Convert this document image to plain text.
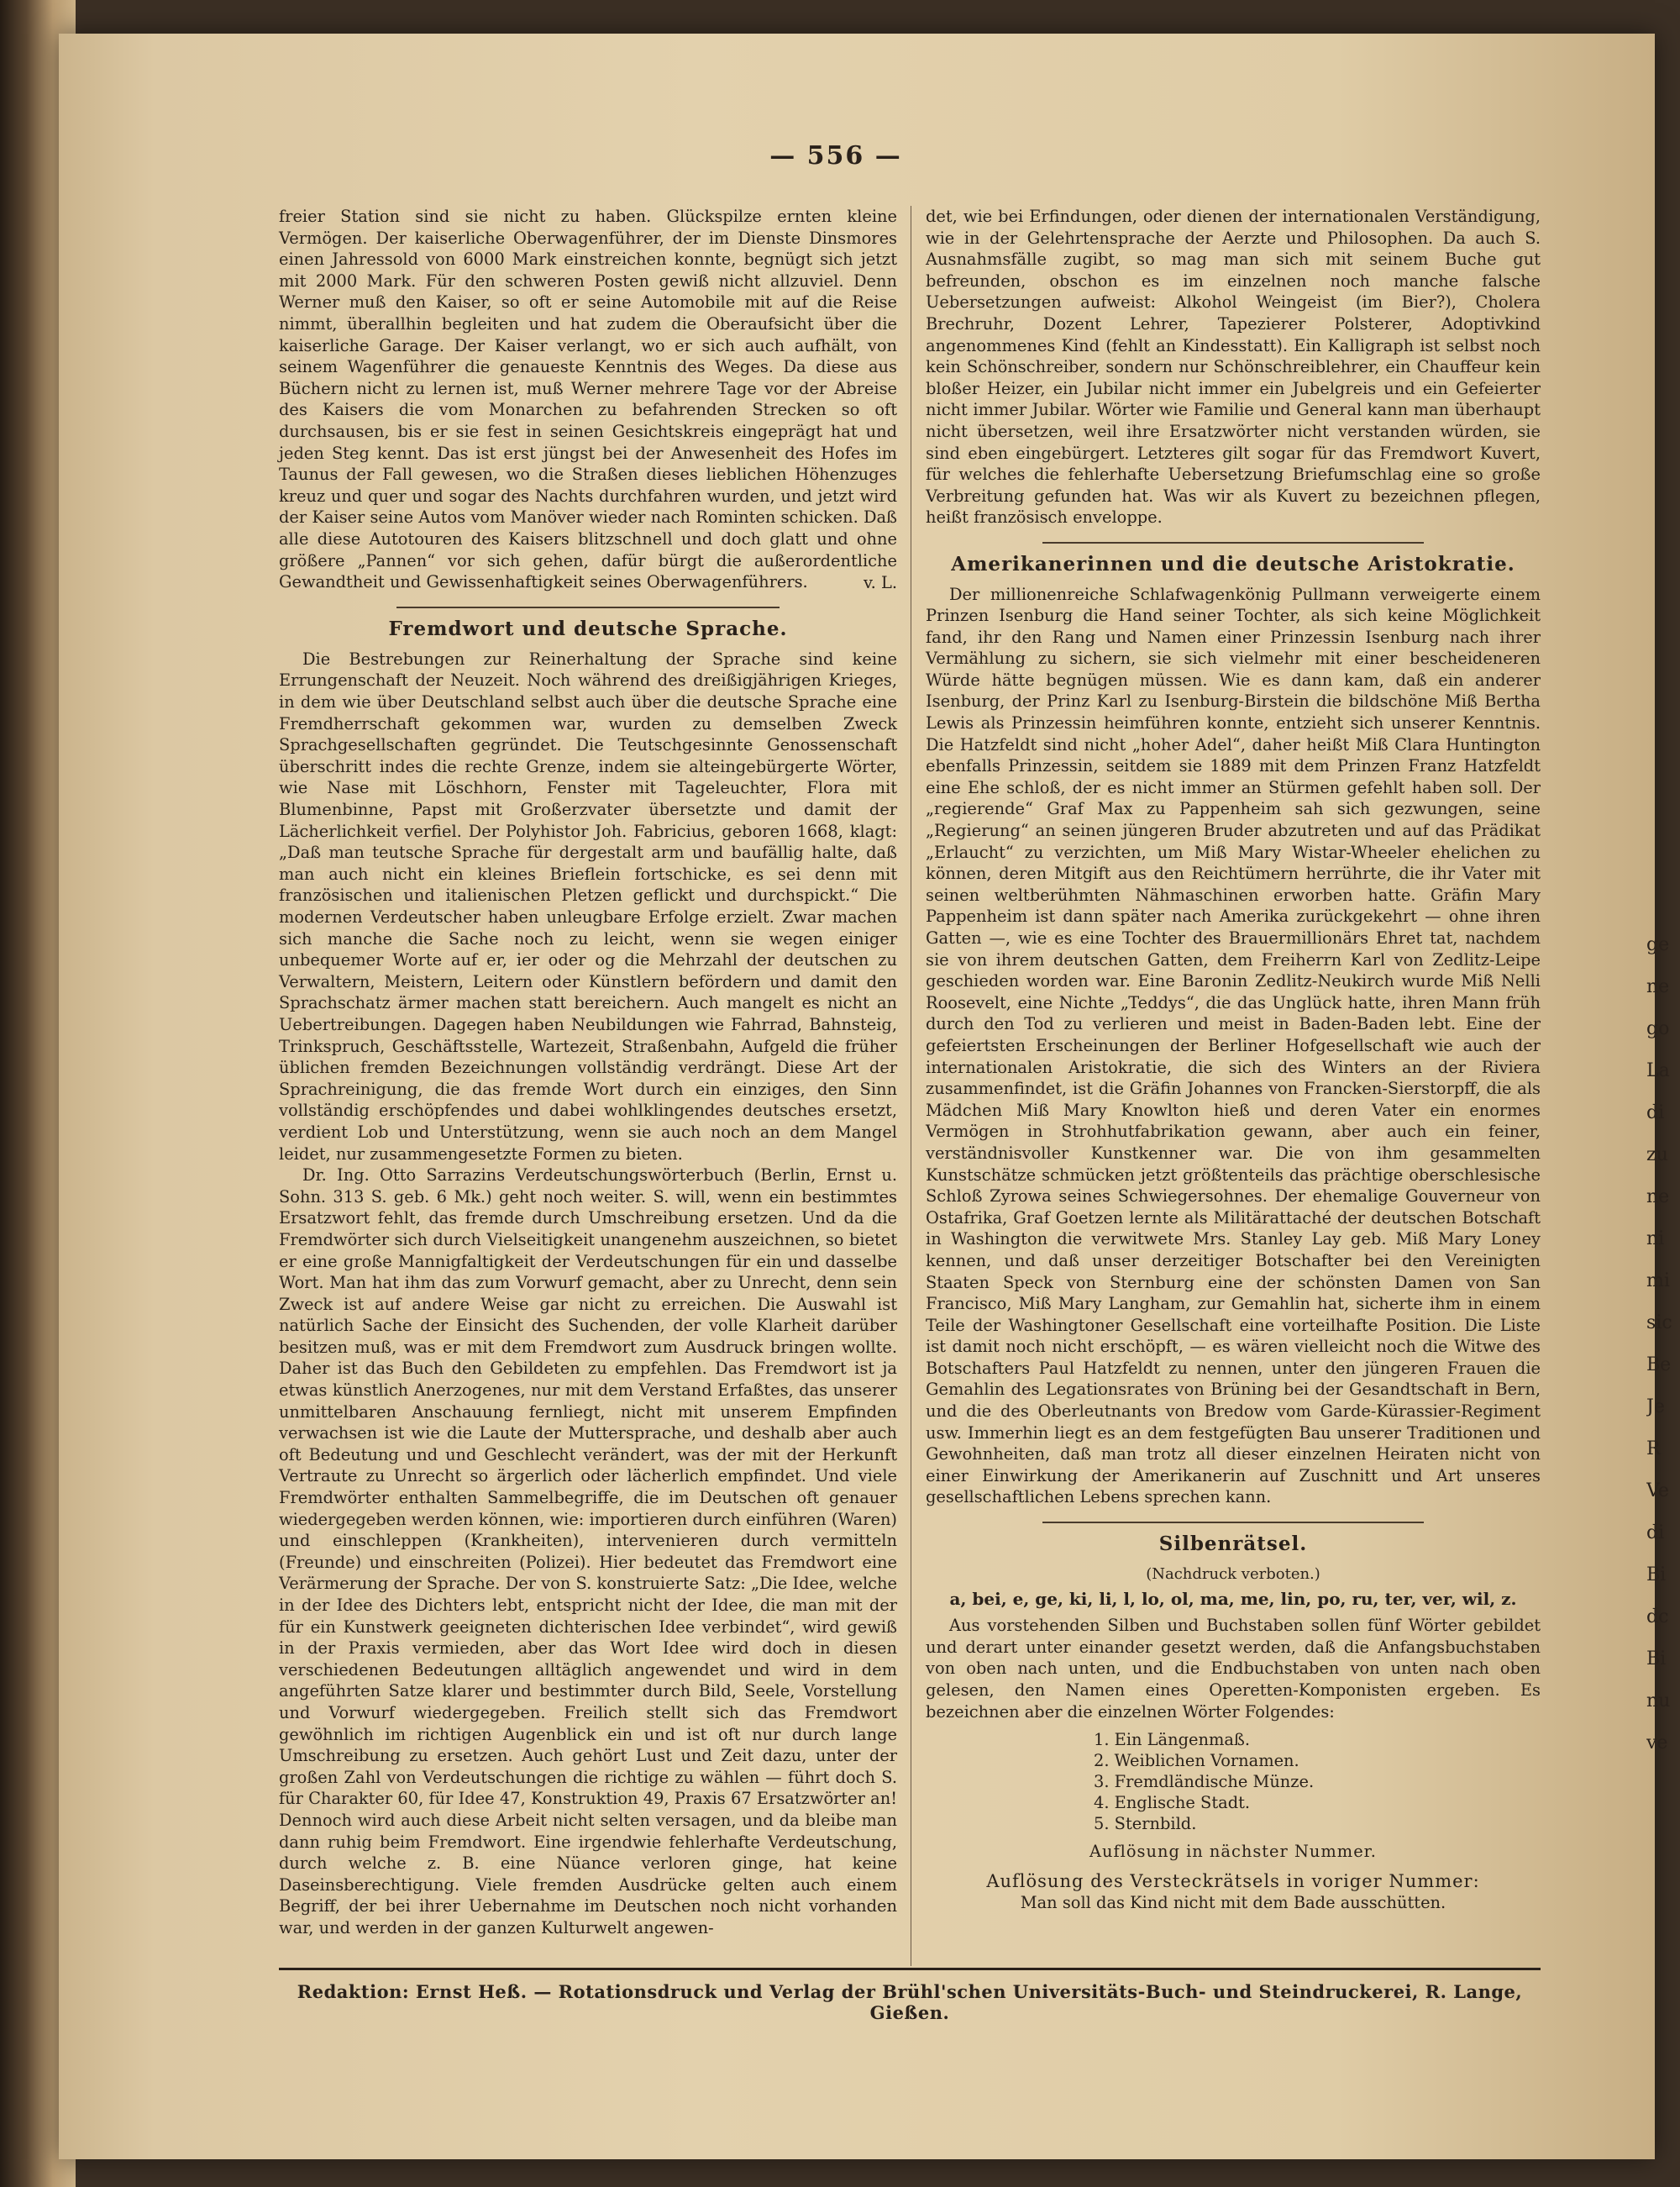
— 556 —

freier Station sind sie nicht zu haben. Glückspilze ernten kleine Vermögen. Der kaiserliche Oberwagenführer, der im Dienste Dinsmores einen Jahressold von 6000 Mark einstreichen konnte, begnügt sich jetzt mit 2000 Mark. Für den schweren Posten gewiß nicht allzuviel. Denn Werner muß den Kaiser, so oft er seine Automobile mit auf die Reise nimmt, überallhin begleiten und hat zudem die Oberaufsicht über die kaiserliche Garage. Der Kaiser verlangt, wo er sich auch aufhält, von seinem Wagenführer die genaueste Kenntnis des Weges. Da diese aus Büchern nicht zu lernen ist, muß Werner mehrere Tage vor der Abreise des Kaisers die vom Monarchen zu befahrenden Strecken so oft durchsausen, bis er sie fest in seinen Gesichtskreis eingeprägt hat und jeden Steg kennt. Das ist erst jüngst bei der Anwesenheit des Hofes im Taunus der Fall gewesen, wo die Straßen dieses lieblichen Höhenzuges kreuz und quer und sogar des Nachts durchfahren wurden, und jetzt wird der Kaiser seine Autos vom Manöver wieder nach Rominten schicken. Daß alle diese Autotouren des Kaisers blitzschnell und doch glatt und ohne größere „Pannen“ vor sich gehen, dafür bürgt die außerordentliche Gewandtheit und Gewissenhaftigkeit seines Oberwagenführers.	v. L.
Fremdwort und deutsche Sprache.

Die Bestrebungen zur Reinerhaltung der Sprache sind keine Errungenschaft der Neuzeit. Noch während des dreißigjährigen Krieges, in dem wie über Deutschland selbst auch über die deutsche Sprache eine Fremdherrschaft gekommen war, wurden zu demselben Zweck Sprachgesellschaften gegründet. Die Teutschgesinnte Genossenschaft überschritt indes die rechte Grenze, indem sie alteingebürgerte Wörter, wie Nase mit Löschhorn, Fenster mit Tageleuchter, Flora mit Blumenbinne, Papst mit Großerzvater übersetzte und damit der Lächerlichkeit verfiel. Der Polyhistor Joh. Fabricius, geboren 1668, klagt: „Daß man teutsche Sprache für dergestalt arm und baufällig halte, daß man auch nicht ein kleines Brieflein fortschicke, es sei denn mit französischen und italienischen Pletzen geflickt und durchspickt.“ Die modernen Verdeutscher haben unleugbare Erfolge erzielt. Zwar machen sich manche die Sache noch zu leicht, wenn sie wegen einiger unbequemer Worte auf er, ier oder og die Mehrzahl der deutschen zu Verwaltern, Meistern, Leitern oder Künstlern befördern und damit den Sprachschatz ärmer machen statt bereichern. Auch mangelt es nicht an Uebertreibungen. Dagegen haben Neubildungen wie Fahrrad, Bahnsteig, Trinkspruch, Geschäftsstelle, Wartezeit, Straßenbahn, Aufgeld die früher üblichen fremden Bezeichnungen vollständig verdrängt. Diese Art der Sprachreinigung, die das fremde Wort durch ein einziges, den Sinn vollständig erschöpfendes und dabei wohlklingendes deutsches ersetzt, verdient Lob und Unterstützung, wenn sie auch noch an dem Mangel leidet, nur zusammengesetzte Formen zu bieten.

Dr. Ing. Otto Sarrazins Verdeutschungswörterbuch (Berlin, Ernst u. Sohn. 313 S. geb. 6 Mk.) geht noch weiter. S. will, wenn ein bestimmtes Ersatzwort fehlt, das fremde durch Umschreibung ersetzen. Und da die Fremdwörter sich durch Vielseitigkeit unangenehm auszeichnen, so bietet er eine große Mannigfaltigkeit der Verdeutschungen für ein und dasselbe Wort. Man hat ihm das zum Vorwurf gemacht, aber zu Unrecht, denn sein Zweck ist auf andere Weise gar nicht zu erreichen. Die Auswahl ist natürlich Sache der Einsicht des Suchenden, der volle Klarheit darüber besitzen muß, was er mit dem Fremdwort zum Ausdruck bringen wollte. Daher ist das Buch den Gebildeten zu empfehlen. Das Fremdwort ist ja etwas künstlich Anerzogenes, nur mit dem Verstand Erfaßtes, das unserer unmittelbaren Anschauung fernliegt, nicht mit unserem Empfinden verwachsen ist wie die Laute der Muttersprache, und deshalb aber auch oft Bedeutung und und Geschlecht verändert, was der mit der Herkunft Vertraute zu Unrecht so ärgerlich oder lächerlich empfindet. Und viele Fremdwörter enthalten Sammelbegriffe, die im Deutschen oft genauer wiedergegeben werden können, wie: importieren durch einführen (Waren) und einschleppen (Krankheiten), intervenieren durch vermitteln (Freunde) und einschreiten (Polizei). Hier bedeutet das Fremdwort eine Verärmerung der Sprache. Der von S. konstruierte Satz: „Die Idee, welche in der Idee des Dichters lebt, entspricht nicht der Idee, die man mit der für ein Kunstwerk geeigneten dichterischen Idee verbindet“, wird gewiß in der Praxis vermieden, aber das Wort Idee wird doch in diesen verschiedenen Bedeutungen alltäglich angewendet und wird in dem angeführten Satze klarer und bestimmter durch Bild, Seele, Vorstellung und Vorwurf wiedergegeben. Freilich stellt sich das Fremdwort gewöhnlich im richtigen Augenblick ein und ist oft nur durch lange Umschreibung zu ersetzen. Auch gehört Lust und Zeit dazu, unter der großen Zahl von Verdeutschungen die richtige zu wählen — führt doch S. für Charakter 60, für Idee 47, Konstruktion 49, Praxis 67 Ersatzwörter an! Dennoch wird auch diese Arbeit nicht selten versagen, und da bleibe man dann ruhig beim Fremdwort. Eine irgendwie fehlerhafte Verdeutschung, durch welche z. B. eine Nüance verloren ginge, hat keine Daseinsberechtigung. Viele fremden Ausdrücke gelten auch einem Begriff, der bei ihrer Uebernahme im Deutschen noch nicht vorhanden war, und werden in der ganzen Kulturwelt angewen-

det, wie bei Erfindungen, oder dienen der internationalen Verständigung, wie in der Gelehrtensprache der Aerzte und Philosophen. Da auch S. Ausnahmsfälle zugibt, so mag man sich mit seinem Buche gut befreunden, obschon es im einzelnen noch manche falsche Uebersetzungen aufweist: Alkohol Weingeist (im Bier?), Cholera Brechruhr, Dozent Lehrer, Tapezierer Polsterer, Adoptivkind angenommenes Kind (fehlt an Kindesstatt). Ein Kalligraph ist selbst noch kein Schönschreiber, sondern nur Schönschreiblehrer, ein Chauffeur kein bloßer Heizer, ein Jubilar nicht immer ein Jubelgreis und ein Gefeierter nicht immer Jubilar. Wörter wie Familie und General kann man überhaupt nicht übersetzen, weil ihre Ersatzwörter nicht verstanden würden, sie sind eben eingebürgert. Letzteres gilt sogar für das Fremdwort Kuvert, für welches die fehlerhafte Uebersetzung Briefumschlag eine so große Verbreitung gefunden hat. Was wir als Kuvert zu bezeichnen pflegen, heißt französisch enveloppe.

Amerikanerinnen und die deutsche Aristokratie.

Der millionenreiche Schlafwagenkönig Pullmann verweigerte einem Prinzen Isenburg die Hand seiner Tochter, als sich keine Möglichkeit fand, ihr den Rang und Namen einer Prinzessin Isenburg nach ihrer Vermählung zu sichern, sie sich vielmehr mit einer bescheideneren Würde hätte begnügen müssen. Wie es dann kam, daß ein anderer Isenburg, der Prinz Karl zu Isenburg-Birstein die bildschöne Miß Bertha Lewis als Prinzessin heimführen konnte, entzieht sich unserer Kenntnis. Die Hatzfeldt sind nicht „hoher Adel“, daher heißt Miß Clara Huntington ebenfalls Prinzessin, seitdem sie 1889 mit dem Prinzen Franz Hatzfeldt eine Ehe schloß, der es nicht immer an Stürmen gefehlt haben soll. Der „regierende“ Graf Max zu Pappenheim sah sich gezwungen, seine „Regierung“ an seinen jüngeren Bruder abzutreten und auf das Prädikat „Erlaucht“ zu verzichten, um Miß Mary Wistar-Wheeler ehelichen zu können, deren Mitgift aus den Reichtümern herrührte, die ihr Vater mit seinen weltberühmten Nähmaschinen erworben hatte. Gräfin Mary Pappenheim ist dann später nach Amerika zurückgekehrt — ohne ihren Gatten —, wie es eine Tochter des Brauermillionärs Ehret tat, nachdem sie von ihrem deutschen Gatten, dem Freiherrn Karl von Zedlitz-Leipe geschieden worden war. Eine Baronin Zedlitz-Neukirch wurde Miß Nelli Roosevelt, eine Nichte „Teddys“, die das Unglück hatte, ihren Mann früh durch den Tod zu verlieren und meist in Baden-Baden lebt. Eine der gefeiertsten Erscheinungen der Berliner Hofgesellschaft wie auch der internationalen Aristokratie, die sich des Winters an der Riviera zusammenfindet, ist die Gräfin Johannes von Francken-Sierstorpff, die als Mädchen Miß Mary Knowlton hieß und deren Vater ein enormes Vermögen in Strohhutfabrikation gewann, aber auch ein feiner, verständnisvoller Kunstkenner war. Die von ihm gesammelten Kunstschätze schmücken jetzt größtenteils das prächtige oberschlesische Schloß Zyrowa seines Schwiegersohnes. Der ehemalige Gouverneur von Ostafrika, Graf Goetzen lernte als Militärattaché der deutschen Botschaft in Washington die verwitwete Mrs. Stanley Lay geb. Miß Mary Loney kennen, und daß unser derzeitiger Botschafter bei den Vereinigten Staaten Speck von Sternburg eine der schönsten Damen von San Francisco, Miß Mary Langham, zur Gemahlin hat, sicherte ihm in einem Teile der Washingtoner Gesellschaft eine vorteilhafte Position. Die Liste ist damit noch nicht erschöpft, — es wären vielleicht noch die Witwe des Botschafters Paul Hatzfeldt zu nennen, unter den jüngeren Frauen die Gemahlin des Legationsrates von Brüning bei der Gesandtschaft in Bern, und die des Oberleutnants von Bredow vom Garde-Kürassier-Regiment usw. Immerhin liegt es an dem festgefügten Bau unserer Traditionen und Gewohnheiten, daß man trotz all dieser einzelnen Heiraten nicht von einer Einwirkung der Amerikanerin auf Zuschnitt und Art unseres gesellschaftlichen Lebens sprechen kann.

Silbenrätsel.
(Nachdruck verboten.)
a, bei, e, ge, ki, li, l, lo, ol, ma, me, lin, po, ru, ter, ver, wil, z.

Aus vorstehenden Silben und Buchstaben sollen fünf Wörter gebildet und derart unter einander gesetzt werden, daß die Anfangsbuchstaben von oben nach unten, und die Endbuchstaben von unten nach oben gelesen, den Namen eines Operetten-Komponisten ergeben. Es bezeichnen aber die einzelnen Wörter Folgendes:

1. Ein Längenmaß.
2. Weiblichen Vornamen.
3. Fremdländische Münze.
4. Englische Stadt.
5. Sternbild.
Auflösung in nächster Nummer.
Auflösung des Versteckrätsels in voriger Nummer:
Man soll das Kind nicht mit dem Bade ausschütten.
Redaktion: Ernst Heß. — Rotationsdruck und Verlag der Brühl'schen Universitäts-Buch- und Steindruckerei, R. Lange, Gießen.
ge
ne
go
La
di
zu
ne
ni
mi
sic
Be
Je
R
Ve
di
Bi
dc
Bi
nu
ve
